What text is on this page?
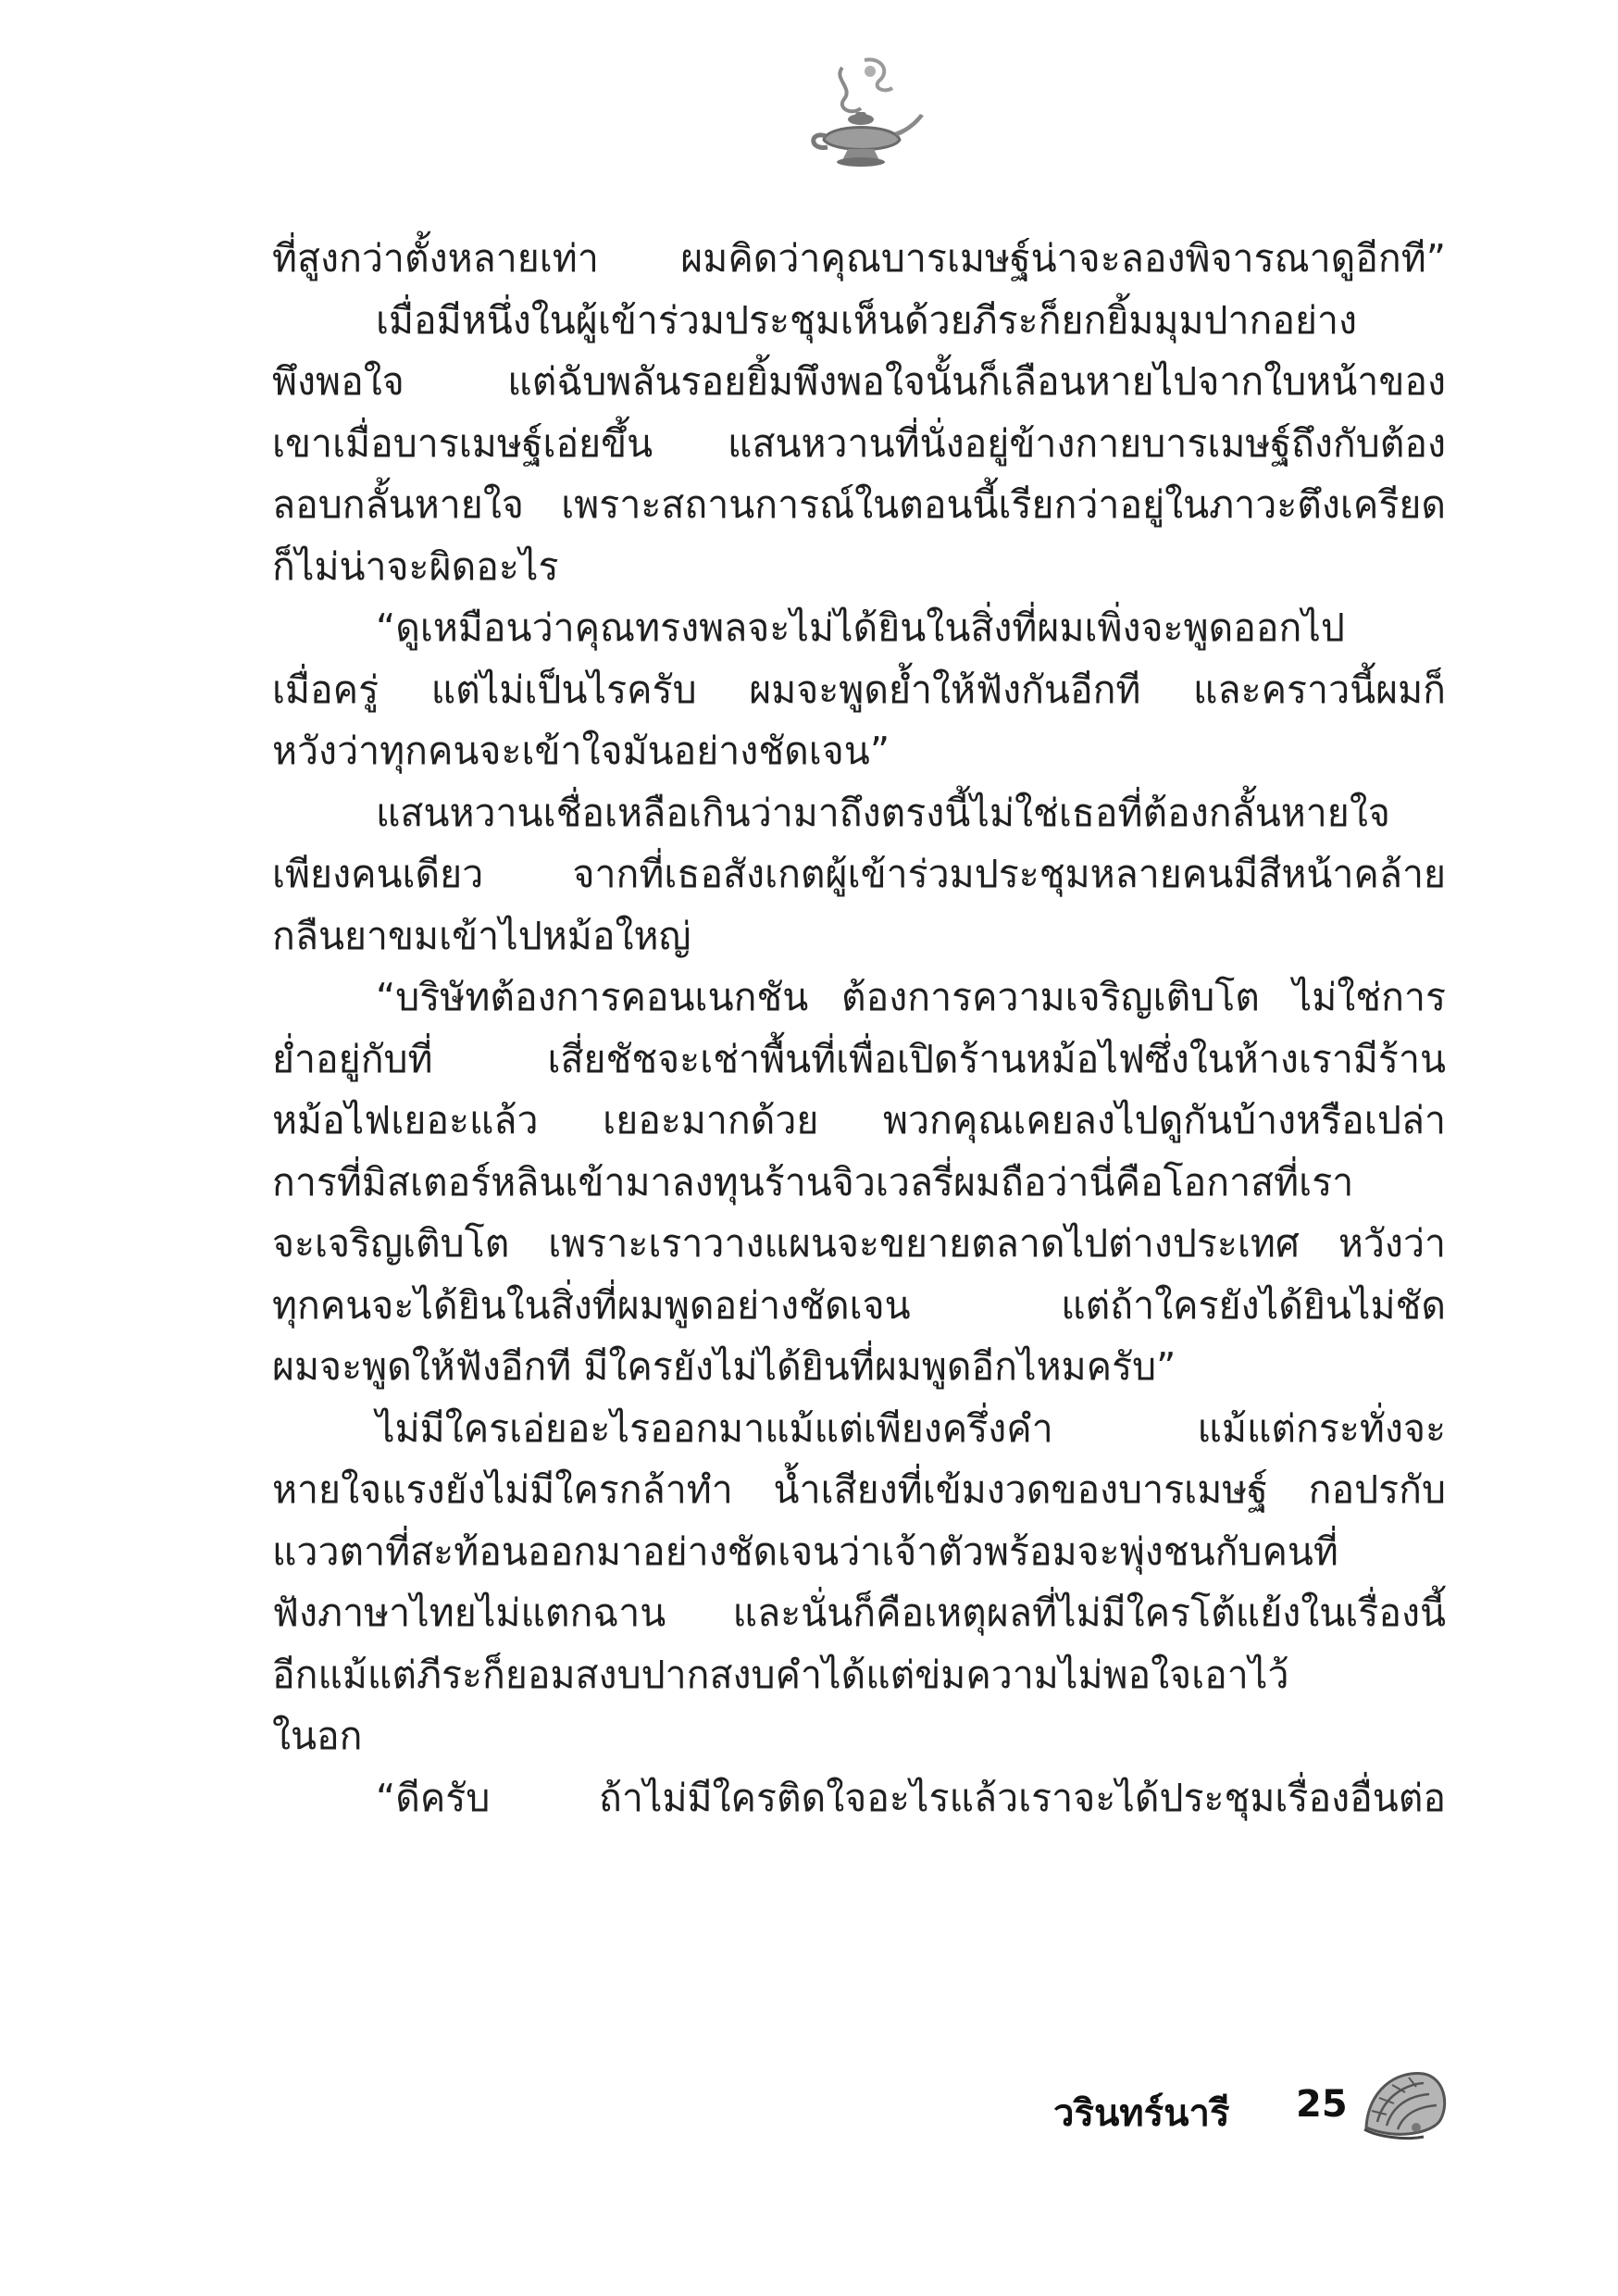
ที่สูงกว่าตั้งหลายเท่า ผมคิดว่าคุณบารเมษฐ์น่าจะลองพิจารณาดูอีกที”
เมื่อมีหนึ่งในผู้เข้าร่วมประชุมเห็นด้วยภีระก็ยกยิ้มมุมปากอย่าง
พึงพอใจ แต่ฉับพลันรอยยิ้มพึงพอใจนั้นก็เลือนหายไปจากใบหน้าของ
เขาเมื่อบารเมษฐ์เอ่ยขึ้น แสนหวานที่นั่งอยู่ข้างกายบารเมษฐ์ถึงกับต้อง
ลอบกลั้นหายใจ เพราะสถานการณ์ในตอนนี้เรียกว่าอยู่ในภาวะตึงเครียด
ก็ไม่น่าจะผิดอะไร
“ดูเหมือนว่าคุณทรงพลจะไม่ได้ยินในสิ่งที่ผมเพิ่งจะพูดออกไป
เมื่อครู่ แต่ไม่เป็นไรครับ ผมจะพูดย้ำให้ฟังกันอีกที และคราวนี้ผมก็
หวังว่าทุกคนจะเข้าใจมันอย่างชัดเจน”
แสนหวานเชื่อเหลือเกินว่ามาถึงตรงนี้ไม่ใช่เธอที่ต้องกลั้นหายใจ
เพียงคนเดียว จากที่เธอสังเกตผู้เข้าร่วมประชุมหลายคนมีสีหน้าคล้าย
กลืนยาขมเข้าไปหม้อใหญ่
“บริษัทต้องการคอนเนกชัน ต้องการความเจริญเติบโต ไม่ใช่การ
ย่ำอยู่กับที่ เสี่ยชัชจะเช่าพื้นที่เพื่อเปิดร้านหม้อไฟซึ่งในห้างเรามีร้าน
หม้อไฟเยอะแล้ว เยอะมากด้วย พวกคุณเคยลงไปดูกันบ้างหรือเปล่า
การที่มิสเตอร์หลินเข้ามาลงทุนร้านจิวเวลรี่ผมถือว่านี่คือโอกาสที่เรา
จะเจริญเติบโต เพราะเราวางแผนจะขยายตลาดไปต่างประเทศ หวังว่า
ทุกคนจะได้ยินในสิ่งที่ผมพูดอย่างชัดเจน แต่ถ้าใครยังได้ยินไม่ชัด
ผมจะพูดให้ฟังอีกที มีใครยังไม่ได้ยินที่ผมพูดอีกไหมครับ”
ไม่มีใครเอ่ยอะไรออกมาแม้แต่เพียงครึ่งคำ แม้แต่กระทั่งจะ
หายใจแรงยังไม่มีใครกล้าทำ น้ำเสียงที่เข้มงวดของบารเมษฐ์ กอปรกับ
แววตาที่สะท้อนออกมาอย่างชัดเจนว่าเจ้าตัวพร้อมจะพุ่งชนกับคนที่
ฟังภาษาไทยไม่แตกฉาน และนั่นก็คือเหตุผลที่ไม่มีใครโต้แย้งในเรื่องนี้
อีกแม้แต่ภีระก็ยอมสงบปากสงบคำได้แต่ข่มความไม่พอใจเอาไว้
ในอก
“ดีครับ ถ้าไม่มีใครติดใจอะไรแล้วเราจะได้ประชุมเรื่องอื่นต่อ
วรินทร์นารี 25
